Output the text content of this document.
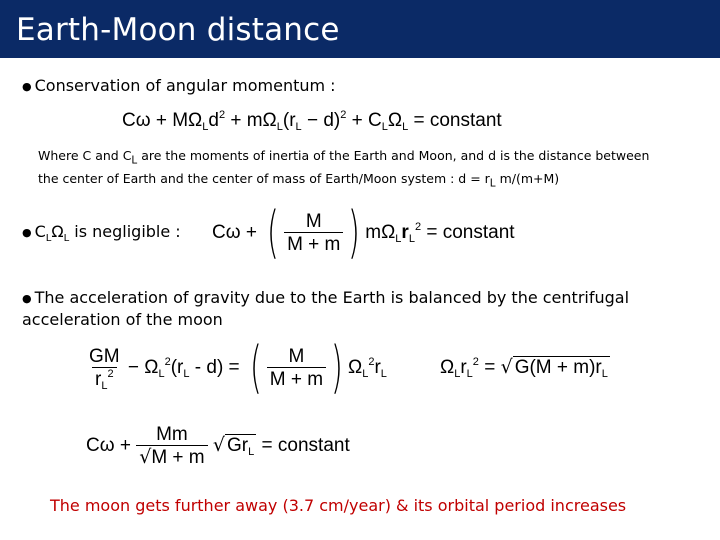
Earth-Moon distance
● Conservation of angular momentum :
$C\omega + M\Omega_Ld^2 + m\Omega_L(r_L - d)^2 + C_L\Omega_L$ = constant
Where C and $C_L$ are the moments of inertia of the Earth and Moon, and d is the distance between
the center of Earth and the center of mass of Earth/Moon system : $d = r_L$ m/(m+M)
● $C_L\Omega_L$ is negligible : Cω + ( $\frac{M}{M + m}$ ) $m\Omega_Lr_L^2$ = constant
● The acceleration of gravity due to the Earth is balanced by the centrifugal
acceleration of the moon
$\frac{GM}{r_L^2} - \Omega_L^2(r_L - d)$ = ( $\frac{M}{M + m}$ ) $\Omega_L^2r_L$	$\Omega_Lr_L^2$ = √ $G(M + m)r_L$
$C\omega + \frac{Mm}{√M + m}$ √ $Gr_L$ = constant
The moon gets further away (3.7 cm/year) & its orbital period increases
